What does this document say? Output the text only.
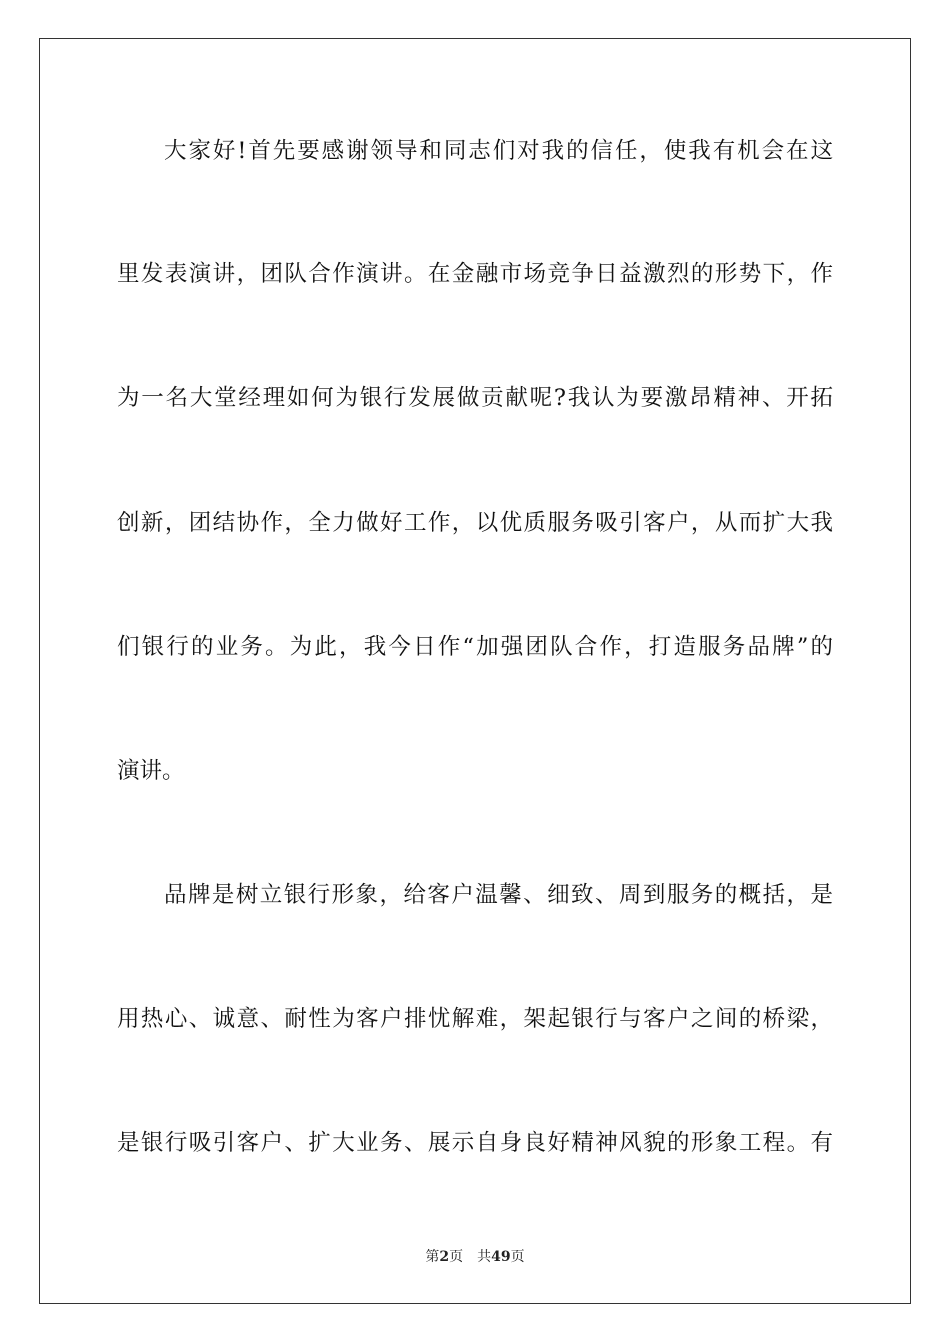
大家好!首先要感谢领导和同志们对我的信任，使我有机会在这
里发表演讲，团队合作演讲。在金融市场竞争日益激烈的形势下，作
为一名大堂经理如何为银行发展做贡献呢?我认为要激昂精神、开拓
创新，团结协作，全力做好工作，以优质服务吸引客户，从而扩大我
们银行的业务。为此，我今日作“加强团队合作，打造服务品牌”的
演讲。
品牌是树立银行形象，给客户温馨、细致、周到服务的概括，是
用热心、诚意、耐性为客户排忧解难，架起银行与客户之间的桥梁，
是银行吸引客户、扩大业务、展示自身良好精神风貌的形象工程。有
第2页 共49页
